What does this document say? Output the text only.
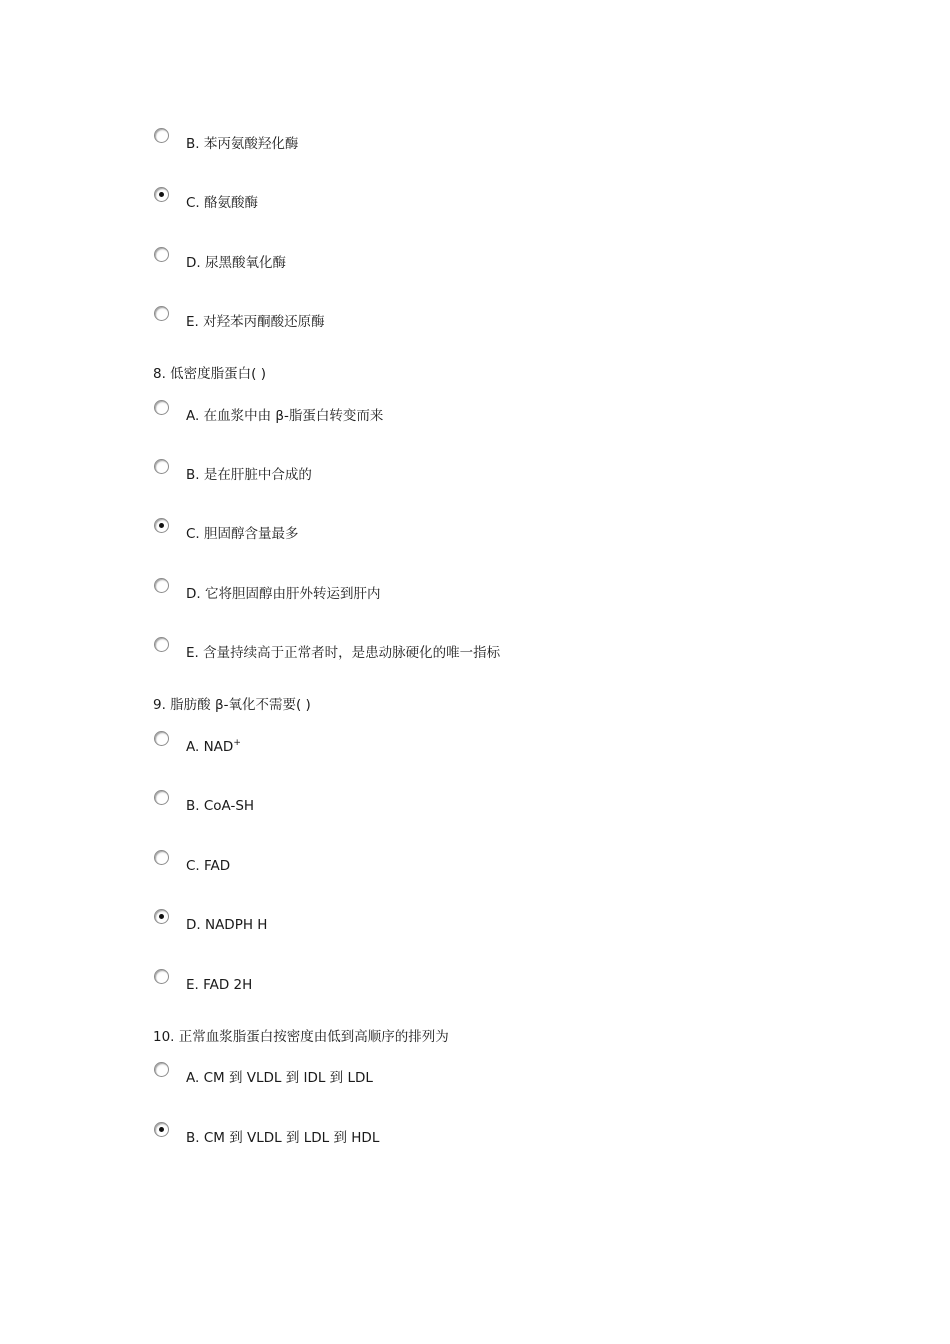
B. 苯丙氨酸羟化酶
C. 酪氨酸酶
D. 尿黑酸氧化酶
E. 对羟苯丙酮酸还原酶
8. 低密度脂蛋白( )
A. 在血浆中由 β-脂蛋白转变而来
B. 是在肝脏中合成的
C. 胆固醇含量最多
D. 它将胆固醇由肝外转运到肝内
E. 含量持续高于正常者时，是患动脉硬化的唯一指标
9. 脂肪酸 β-氧化不需要( )
A. NAD+
B. CoA-SH
C. FAD
D. NADPH H
E. FAD 2H
10. 正常血浆脂蛋白按密度由低到高顺序的排列为
A. CM 到 VLDL 到 IDL 到 LDL
B. CM 到 VLDL 到 LDL 到 HDL
